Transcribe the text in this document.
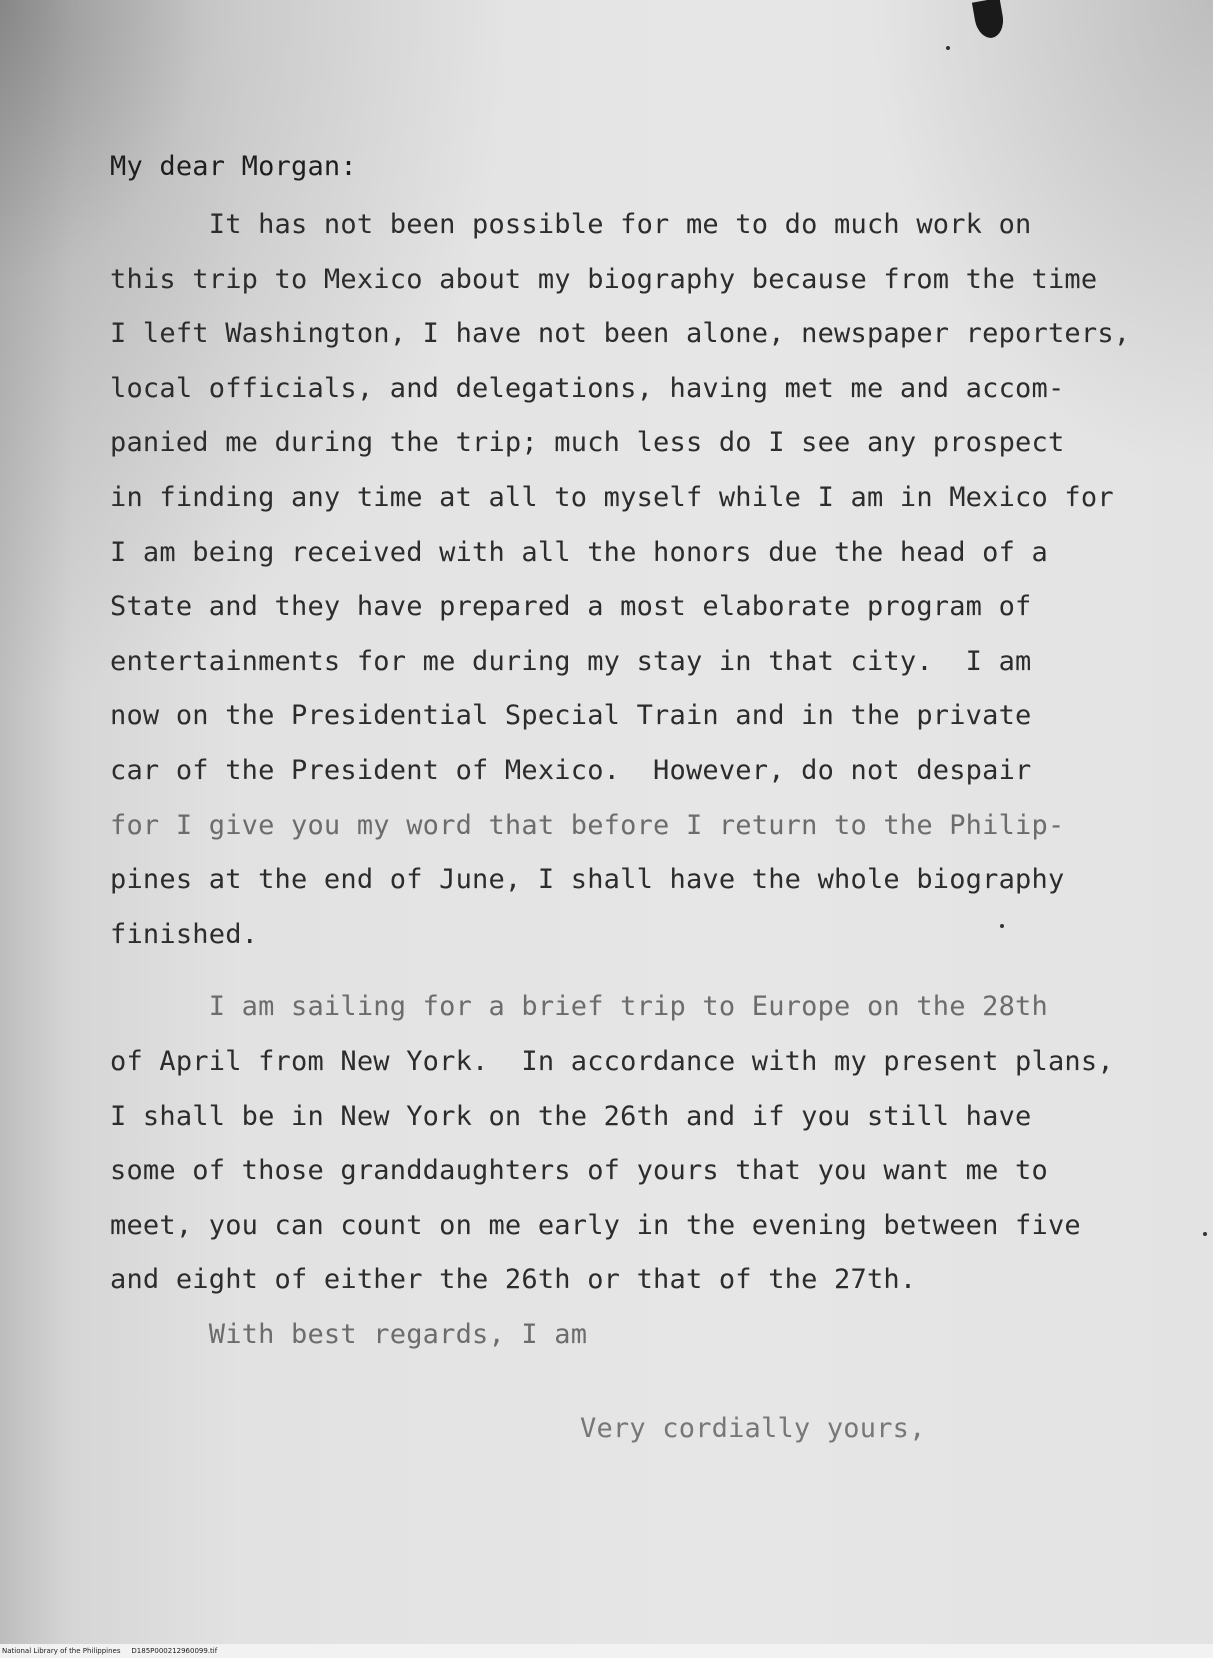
My dear Morgan:

It has not been possible for me to do much work on

this trip to Mexico about my biography because from the time

I left Washington, I have not been alone, newspaper reporters,

local officials, and delegations, having met me and accom-

panied me during the trip; much less do I see any prospect

in finding any time at all to myself while I am in Mexico for

I am being received with all the honors due the head of a

State and they have prepared a most elaborate program of

entertainments for me during my stay in that city.  I am

now on the Presidential Special Train and in the private

car of the President of Mexico.  However, do not despair

for I give you my word that before I return to the Philip-

pines at the end of June, I shall have the whole biography

finished.

I am sailing for a brief trip to Europe on the 28th

of April from New York.  In accordance with my present plans,

I shall be in New York on the 26th and if you still have

some of those granddaughters of yours that you want me to

meet, you can count on me early in the evening between five

and eight of either the 26th or that of the 27th.

With best regards, I am

Very cordially yours,

National Library of the Philippines D185P000212960099.tif
